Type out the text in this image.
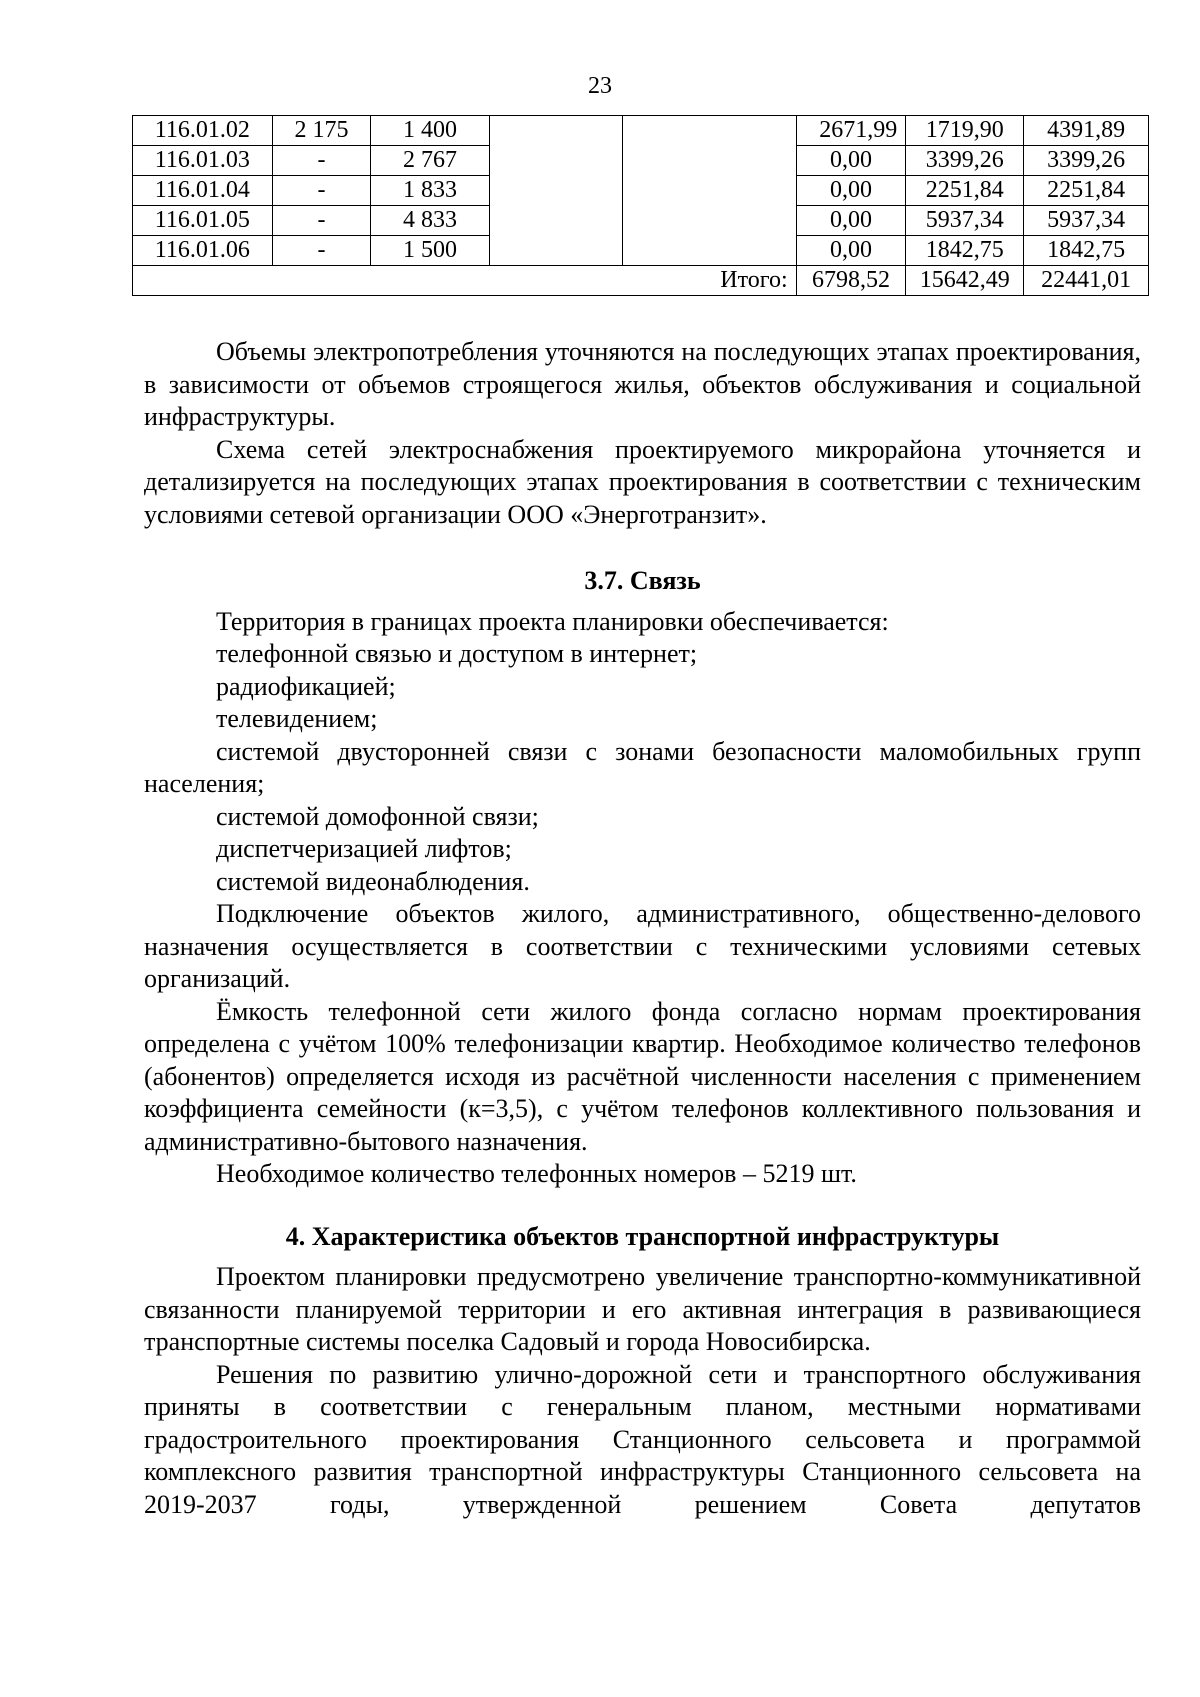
23
116.01.02	2 175	1 400			2671,99	1719,90	4391,89
116.01.03	-	2 767			0,00	3399,26	3399,26
116.01.04	-	1 833			0,00	2251,84	2251,84
116.01.05	-	4 833			0,00	5937,34	5937,34
116.01.06	-	1 500			0,00	1842,75	1842,75
Итого:					6798,52	15642,49	22441,01

Объемы электропотребления уточняются на последующих этапах проектирования, в зависимости от объемов строящегося жилья, объектов обслуживания и социальной инфраструктуры.

Схема сетей электроснабжения проектируемого микрорайона уточняется и детализируется на последующих этапах проектирования в соответствии с техническим условиями сетевой организации ООО «Энерготранзит».

3.7. Связь

Территория в границах проекта планировки обеспечивается:

телефонной связью и доступом в интернет;

радиофикацией;

телевидением;

системой двусторонней связи с зонами безопасности маломобильных групп населения;

системой домофонной связи;

диспетчеризацией лифтов;

системой видеонаблюдения.

Подключение объектов жилого, административного, общественно-делового назначения осуществляется в соответствии с техническими условиями сетевых организаций.

Ёмкость телефонной сети жилого фонда согласно нормам проектирования определена с учётом 100% телефонизации квартир. Необходимое количество телефонов (абонентов) определяется исходя из расчётной численности населения с применением коэффициента семейности (к=3,5), с учётом телефонов коллективного пользования и административно-бытового назначения.

Необходимое количество телефонных номеров – 5219 шт.

4. Характеристика объектов транспортной инфраструктуры

Проектом планировки предусмотрено увеличение транспортно-коммуникативной связанности планируемой территории и его активная интеграция в развивающиеся транспортные системы поселка Садовый и города Новосибирска.

Решения по развитию улично-дорожной сети и транспортного обслуживания приняты в соответствии с генеральным планом, местными нормативами градостроительного проектирования Станционного сельсовета и программой комплексного развития транспортной инфраструктуры Станционного сельсовета на 2019-2037 годы, утвержденной решением Совета депутатов
